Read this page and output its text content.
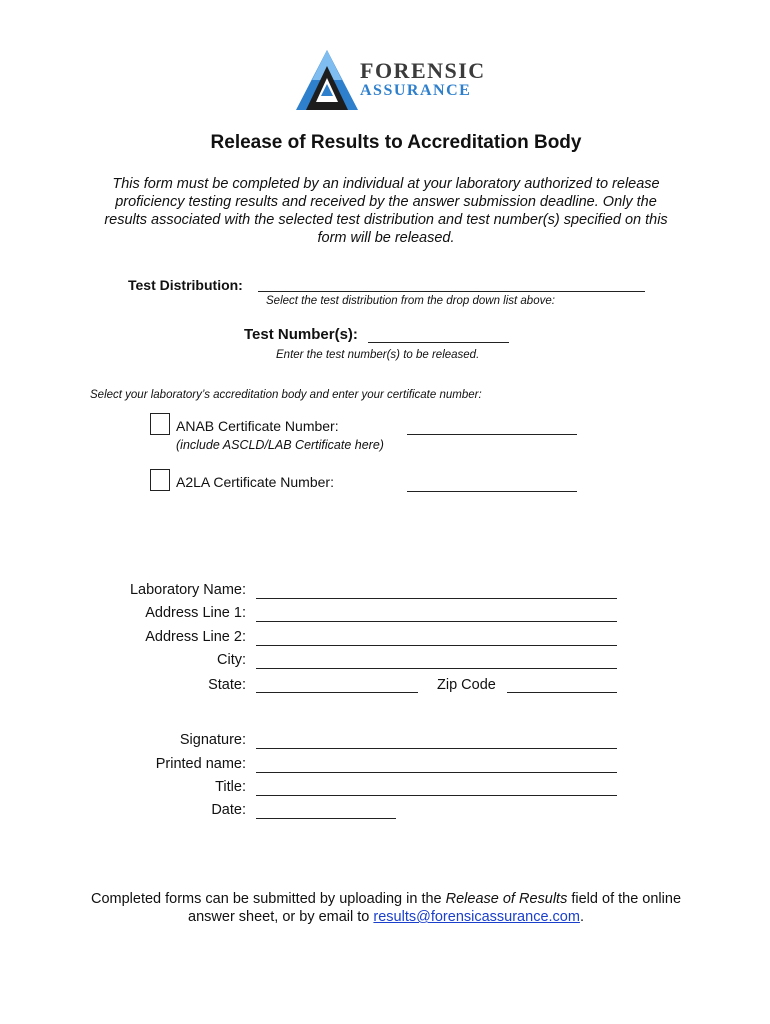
FORENSIC
ASSURANCE
Release of Results to Accreditation Body
This form must be completed by an individual at your laboratory authorized to release proficiency testing results and received by the answer submission deadline. Only the results associated with the selected test distribution and test number(s) specified on this form will be released.
Test Distribution:
Select the test distribution from the drop down list above:
Test Number(s):
Enter the test number(s) to be released.
Select your laboratory’s accreditation body and enter your certificate number:
ANAB Certificate Number:
(include ASCLD/LAB Certificate here)
A2LA Certificate Number:
Laboratory Name:
Address Line 1:
Address Line 2:
City:
State:	Zip Code
Signature:
Printed name:
Title:
Date:
Completed forms can be submitted by uploading in the Release of Results field of the online answer sheet, or by email to results@forensicassurance.com.
